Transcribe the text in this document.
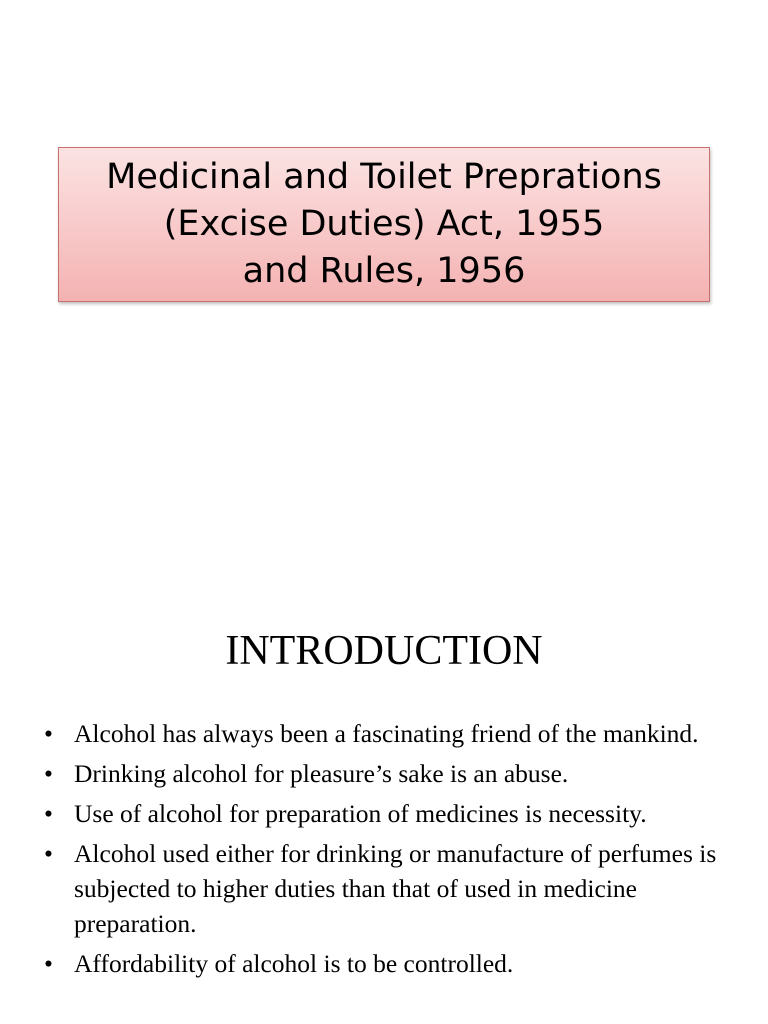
Medicinal and Toilet Preprations
(Excise Duties) Act, 1955
and Rules, 1956
INTRODUCTION
• Alcohol has always been a fascinating friend of the mankind.
• Drinking alcohol for pleasure’s sake is an abuse.
• Use of alcohol for preparation of medicines is necessity.
• Alcohol used either for drinking or manufacture of perfumes is subjected to higher duties than that of used in medicine preparation.
• Affordability of alcohol is to be controlled.
